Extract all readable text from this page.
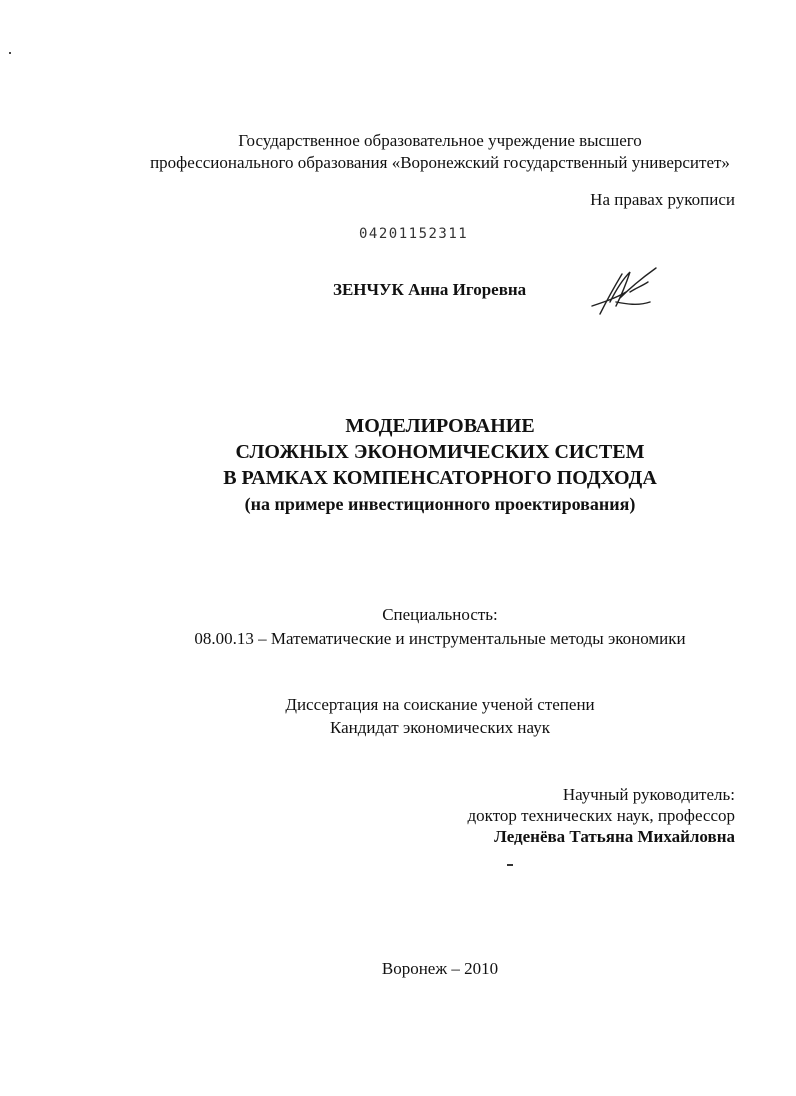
Государственное образовательное учреждение высшего
профессионального образования «Воронежский государственный университет»
На правах рукописи
04201152311
ЗЕНЧУК Анна Игоревна
МОДЕЛИРОВАНИЕ
СЛОЖНЫХ ЭКОНОМИЧЕСКИХ СИСТЕМ
В РАМКАХ КОМПЕНСАТОРНОГО ПОДХОДА
(на примере инвестиционного проектирования)
Специальность:
08.00.13 – Математические и инструментальные методы экономики
Диссертация на соискание ученой степени
Кандидат экономических наук
Научный руководитель:
доктор технических наук, профессор
Леденёва Татьяна Михайловна
Воронеж – 2010
